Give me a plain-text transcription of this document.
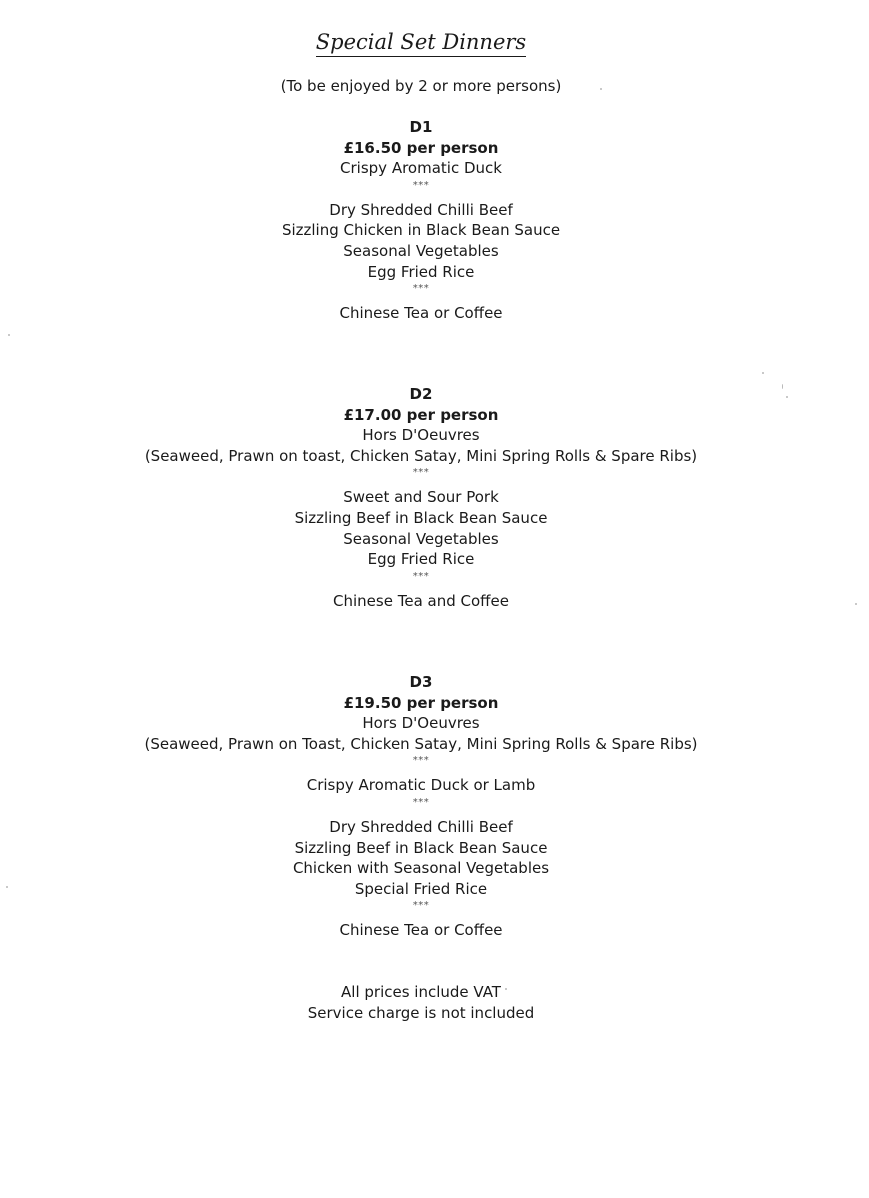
Special Set Dinners
(To be enjoyed by 2 or more persons)
D1
£16.50 per person
Crispy Aromatic Duck
***
Dry Shredded Chilli Beef
Sizzling Chicken in Black Bean Sauce
Seasonal Vegetables
Egg Fried Rice
***
Chinese Tea or Coffee
D2
£17.00 per person
Hors D'Oeuvres
(Seaweed, Prawn on toast, Chicken Satay, Mini Spring Rolls & Spare Ribs)
***
Sweet and Sour Pork
Sizzling Beef in Black Bean Sauce
Seasonal Vegetables
Egg Fried Rice
***
Chinese Tea and Coffee
D3
£19.50 per person
Hors D'Oeuvres
(Seaweed, Prawn on Toast, Chicken Satay, Mini Spring Rolls & Spare Ribs)
***
Crispy Aromatic Duck or Lamb
***
Dry Shredded Chilli Beef
Sizzling Beef in Black Bean Sauce
Chicken with Seasonal Vegetables
Special Fried Rice
***
Chinese Tea or Coffee
All prices include VAT
Service charge is not included
